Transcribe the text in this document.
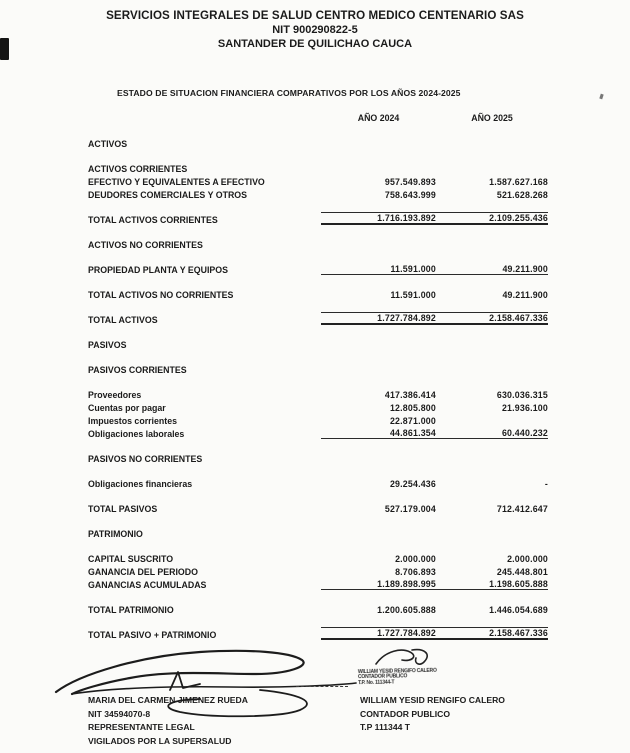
SERVICIOS INTEGRALES DE SALUD CENTRO MEDICO CENTENARIO SAS
NIT 900290822-5
SANTANDER DE QUILICHAO CAUCA
ESTADO DE SITUACION FINANCIERA COMPARATIVOS POR LOS AÑOS 2024-2025
AÑO 2024	AÑO 2025
ACTIVOS
ACTIVOS CORRIENTES
EFECTIVO Y EQUIVALENTES A EFECTIVO	957.549.893	1.587.627.168
DEUDORES COMERCIALES Y OTROS	758.643.999	521.628.268
TOTAL ACTIVOS CORRIENTES	1.716.193.892	2.109.255.436
ACTIVOS NO CORRIENTES
PROPIEDAD PLANTA Y EQUIPOS	11.591.000	49.211.900
TOTAL ACTIVOS NO CORRIENTES	11.591.000	49.211.900
TOTAL ACTIVOS	1.727.784.892	2.158.467.336
PASIVOS
PASIVOS CORRIENTES
Proveedores	417.386.414	630.036.315
Cuentas por pagar	12.805.800	21.936.100
Impuestos corrientes	22.871.000
Obligaciones laborales	44.861.354	60.440.232
PASIVOS NO CORRIENTES
Obligaciones financieras	29.254.436	-
TOTAL PASIVOS	527.179.004	712.412.647
PATRIMONIO
CAPITAL SUSCRITO	2.000.000	2.000.000
GANANCIA DEL PERIODO	8.706.893	245.448.801
GANANCIAS ACUMULADAS	1.189.898.995	1.198.605.888
TOTAL PATRIMONIO	1.200.605.888	1.446.054.689
TOTAL PASIVO + PATRIMONIO	1.727.784.892	2.158.467.336
WILLIAM YESID RENGIFO CALERO
CONTADOR PUBLICO
T.P. No. 111344-T
MARIA DEL CARMEN JIMENEZ RUEDA
NIT 34594070-8
REPRESENTANTE LEGAL
VIGILADOS POR LA SUPERSALUD
WILLIAM YESID RENGIFO CALERO
CONTADOR PUBLICO
T.P 111344 T
